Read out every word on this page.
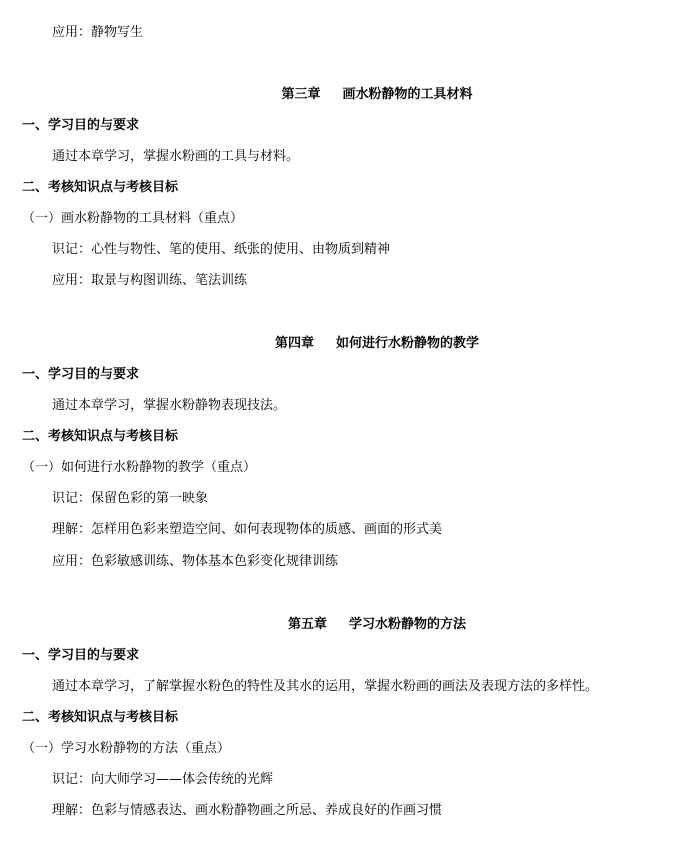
应用：静物写生
第三章 画水粉静物的工具材料
一、学习目的与要求
通过本章学习，掌握水粉画的工具与材料。
二、考核知识点与考核目标
（一）画水粉静物的工具材料（重点）
识记：心性与物性、笔的使用、纸张的使用、由物质到精神
应用：取景与构图训练、笔法训练
第四章 如何进行水粉静物的教学
一、学习目的与要求
通过本章学习，掌握水粉静物表现技法。
二、考核知识点与考核目标
（一）如何进行水粉静物的教学（重点）
识记：保留色彩的第一映象
理解：怎样用色彩来塑造空间、如何表现物体的质感、画面的形式美
应用：色彩敏感训练、物体基本色彩变化规律训练
第五章 学习水粉静物的方法
一、学习目的与要求
通过本章学习，了解掌握水粉色的特性及其水的运用，掌握水粉画的画法及表现方法的多样性。
二、考核知识点与考核目标
（一）学习水粉静物的方法（重点）
识记：向大师学习——体会传统的光辉
理解：色彩与情感表达、画水粉静物画之所忌、养成良好的作画习惯
